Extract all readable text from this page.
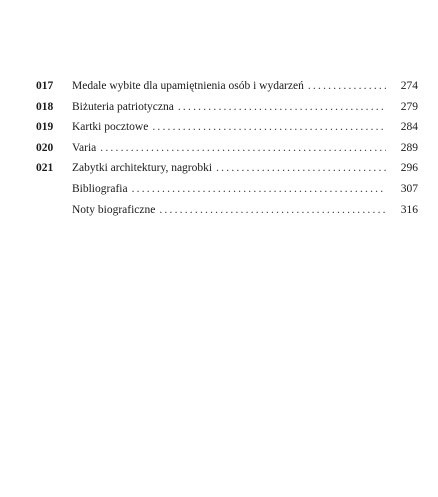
017	Medale wybite dla upamiętnienia osób i wydarzeń .....	274
018	Biżuteria patriotyczna .....	279
019	Kartki pocztowe .....	284
020	Varia .....	289
021	Zabytki architektury, nagrobki .....	296
Bibliografia .....	307
Noty biograficzne .....	316
